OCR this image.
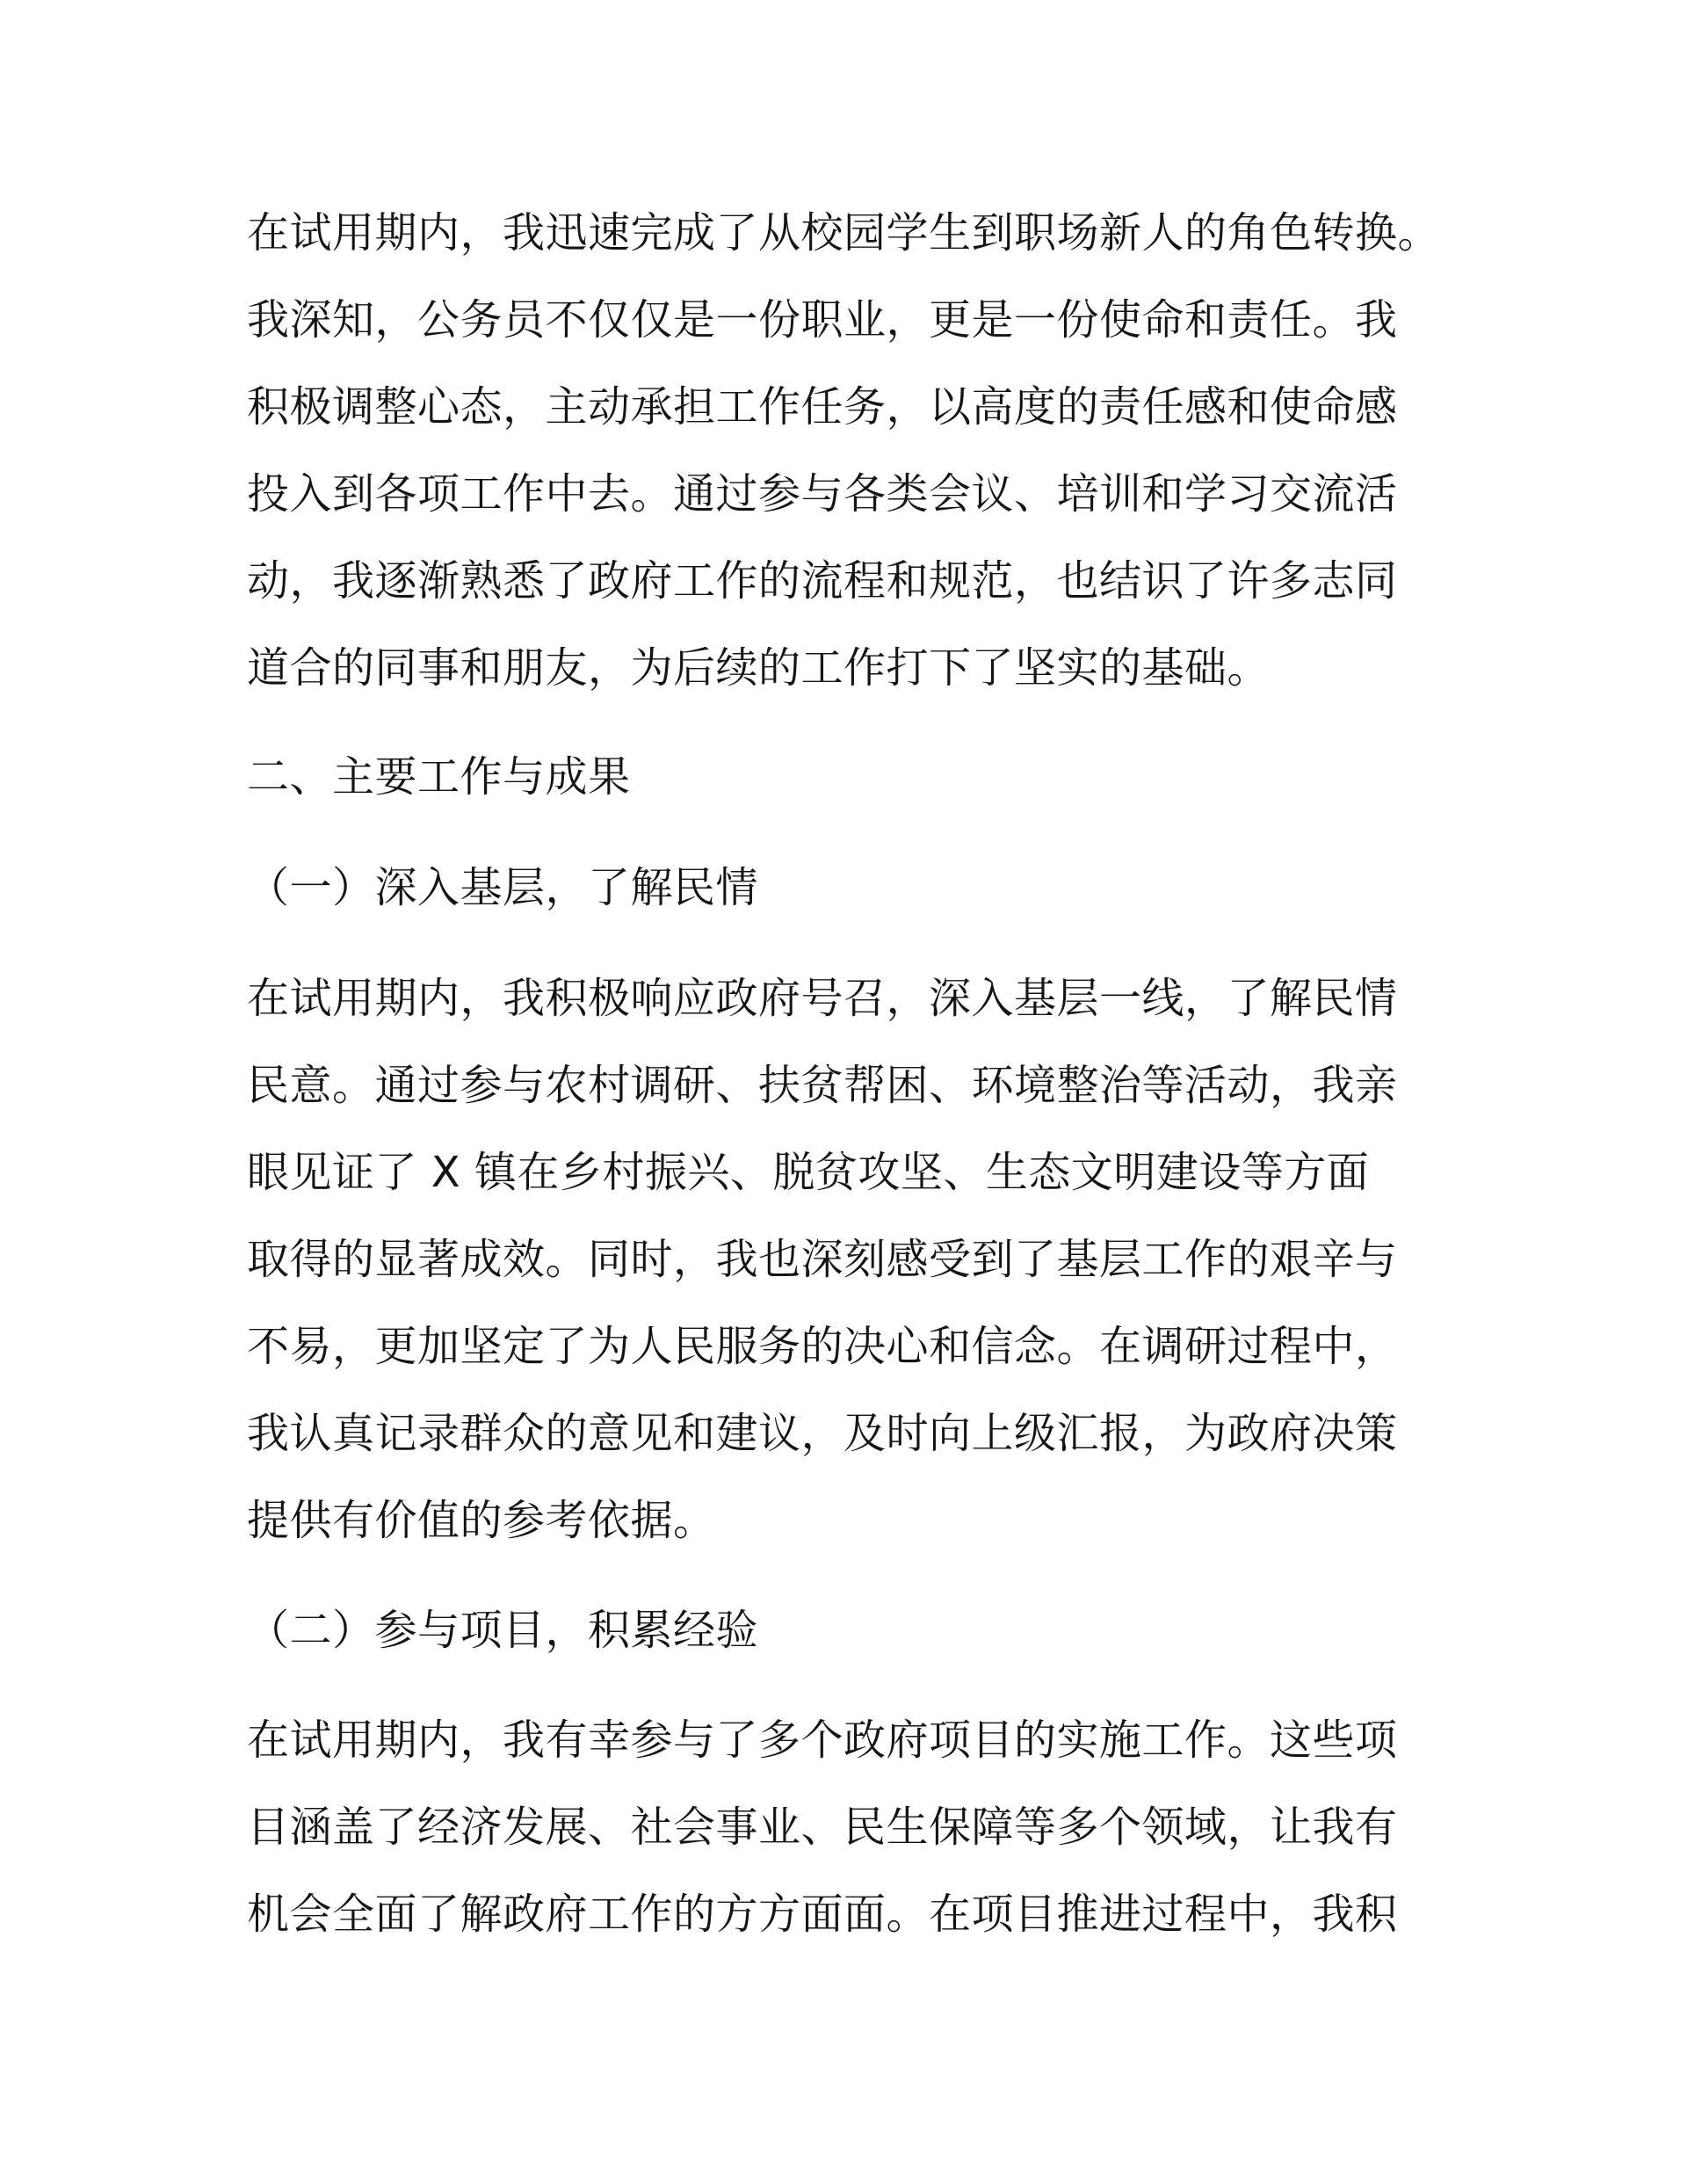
在试用期内，我迅速完成了从校园学生到职场新人的角色转换。
我深知，公务员不仅仅是一份职业，更是一份使命和责任。我
积极调整心态，主动承担工作任务，以高度的责任感和使命感
投入到各项工作中去。通过参与各类会议、培训和学习交流活
动，我逐渐熟悉了政府工作的流程和规范，也结识了许多志同
道合的同事和朋友，为后续的工作打下了坚实的基础。
二、主要工作与成果
（一）深入基层，了解民情
在试用期内，我积极响应政府号召，深入基层一线，了解民情
民意。通过参与农村调研、扶贫帮困、环境整治等活动，我亲
眼见证了 X 镇在乡村振兴、脱贫攻坚、生态文明建设等方面
取得的显著成效。同时，我也深刻感受到了基层工作的艰辛与
不易，更加坚定了为人民服务的决心和信念。在调研过程中，
我认真记录群众的意见和建议，及时向上级汇报，为政府决策
提供有价值的参考依据。
（二）参与项目，积累经验
在试用期内，我有幸参与了多个政府项目的实施工作。这些项
目涵盖了经济发展、社会事业、民生保障等多个领域，让我有
机会全面了解政府工作的方方面面。在项目推进过程中，我积
